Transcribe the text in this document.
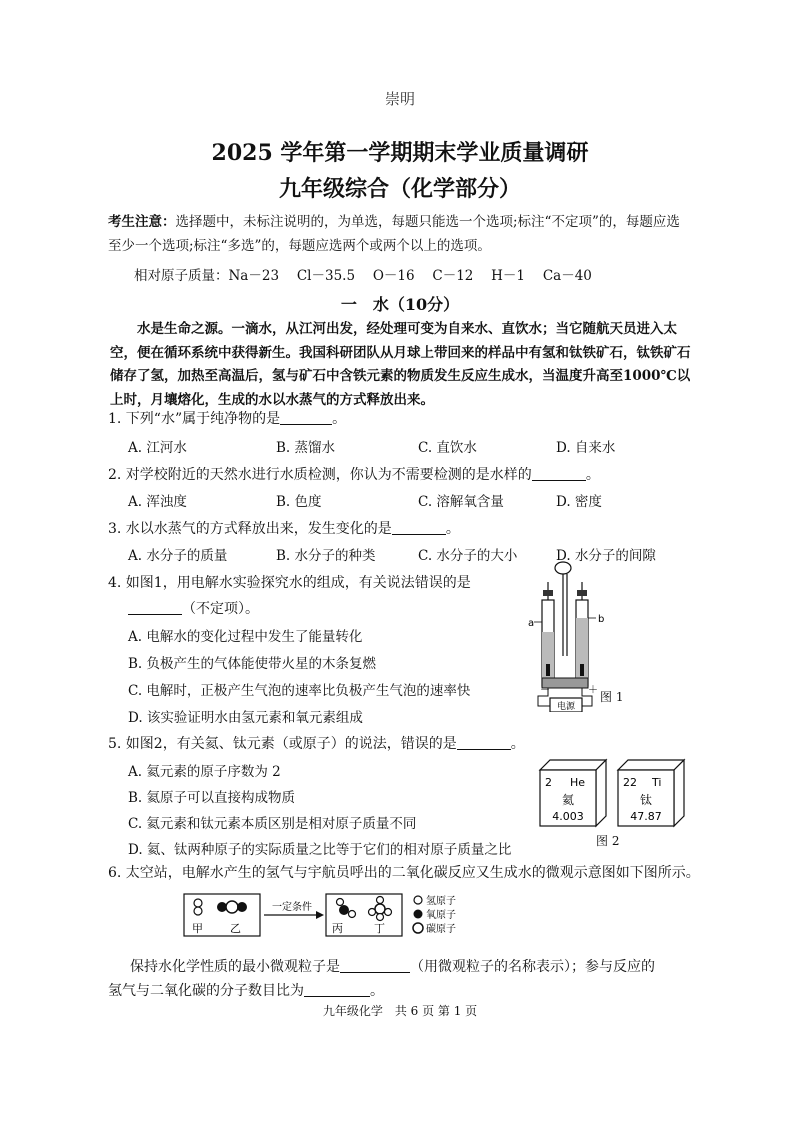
崇明
2025 学年第一学期期末学业质量调研
九年级综合（化学部分）
考生注意：选择题中，未标注说明的，为单选，每题只能选一个选项;标注“不定项”的，每题应选至少一个选项;标注“多选”的，每题应选两个或两个以上的选项。
相对原子质量：Na－23　 Cl－35.5　 O－16　 C－12　 H－1　 Ca－40
一　水（10分）
水是生命之源。一滴水，从江河出发，经处理可变为自来水、直饮水；当它随航天员进入太空，便在循环系统中获得新生。我国科研团队从月球上带回来的样品中有氢和钛铁矿石，钛铁矿石储存了氢，加热至高温后，氢与矿石中含铁元素的物质发生反应生成水，当温度升高至1000℃以上时，月壤熔化，生成的水以水蒸气的方式释放出来。
1. 下列“水”属于纯净物的是	。
A. 江河水	B. 蒸馏水	C. 直饮水	D. 自来水
2. 对学校附近的天然水进行水质检测，你认为不需要检测的是水样的	。
A. 浑浊度	B. 色度	C. 溶解氧含量	D. 密度
3. 水以水蒸气的方式释放出来，发生变化的是	。
A. 水分子的质量	B. 水分子的种类	C. 水分子的大小	D. 水分子的间隙
4. 如图1，用电解水实验探究水的组成，有关说法错误的是
（不定项）。
A. 电解水的变化过程中发生了能量转化
B. 负极产生的气体能使带火星的木条复燃
C. 电解时，正极产生气泡的速率比负极产生气泡的速率快
D. 该实验证明水由氢元素和氧元素组成
电源
－	＋
a	b
图 1
5. 如图2，有关氦、钛元素（或原子）的说法，错误的是	。
A. 氦元素的原子序数为 2
B. 氦原子可以直接构成物质
C. 氦元素和钛元素本质区别是相对原子质量不同
D. 氦、钛两种原子的实际质量之比等于它们的相对原子质量之比
2 He
氦
4.003
22 Ti
钛
47.87
图 2
6. 太空站，电解水产生的氢气与宇航员呼出的二氧化碳反应又生成水的微观示意图如下图所示。
甲 乙
一定条件
丙	丁
氢原子
氧原子
碳原子
保持水化学性质的最小微观粒子是	（用微观粒子的名称表示）；参与反应的
氢气与二氧化碳的分子数目比为	。
九年级化学　共 6 页 第 1 页
